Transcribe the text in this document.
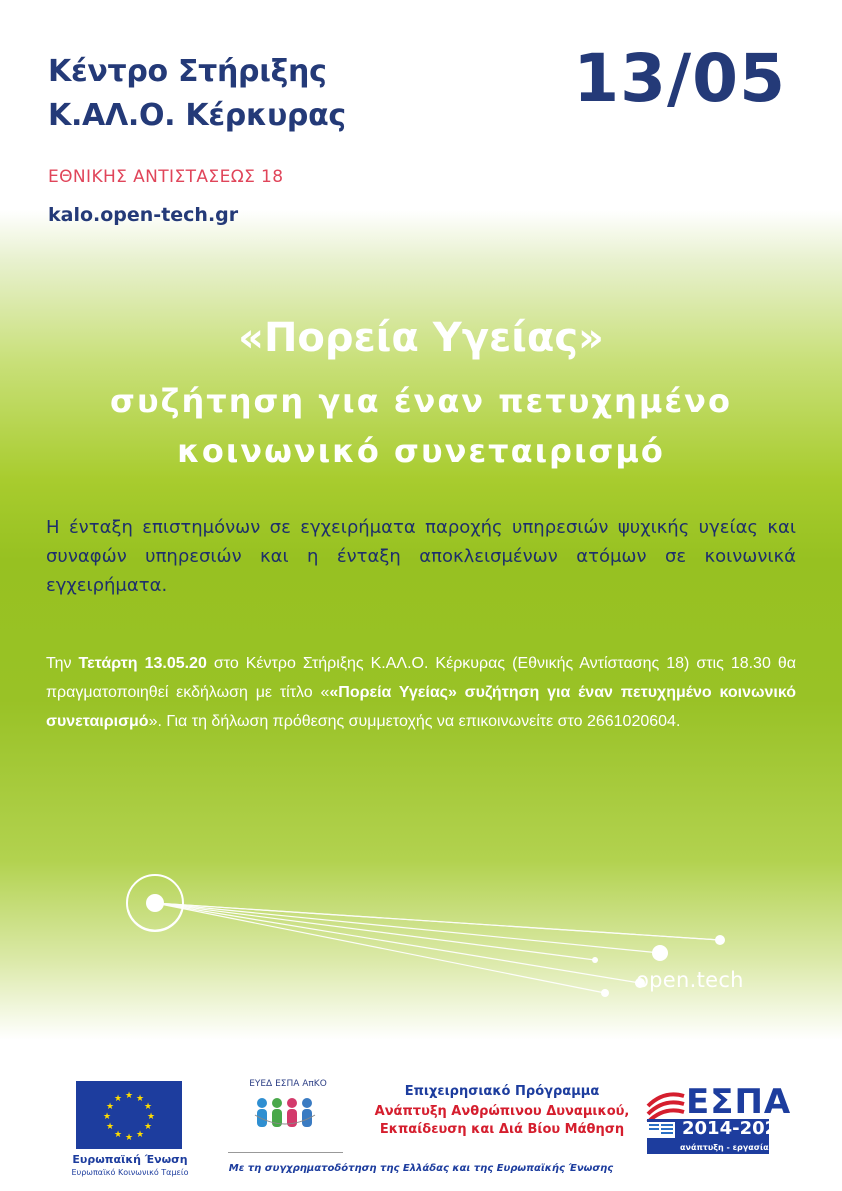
Κέντρο Στήριξης
Κ.ΑΛ.Ο. Κέρκυρας	13/05
ΕΘΝΙΚΗΣ ΑΝΤΙΣΤΑΣΕΩΣ 18
kalo.open-tech.gr
«Πορεία Υγείας»
συζήτηση για έναν πετυχημένο
κοινωνικό συνεταιρισμό

Η ένταξη επιστημόνων σε εγχειρήματα παροχής υπηρεσιών ψυχικής υγείας και συναφών υπηρεσιών και η ένταξη αποκλεισμένων ατόμων σε κοινωνικά εγχειρήματα.

Την Τετάρτη 13.05.20 στο Κέντρο Στήριξης Κ.ΑΛ.Ο. Κέρκυρας (Εθνικής Αντίστασης 18) στις 18.30 θα πραγματοποιηθεί εκδήλωση με τίτλο ««Πορεία Υγείας» συζήτηση για έναν πετυχημένο κοινωνικό συνεταιρισμό». Για τη δήλωση πρόθεσης συμμετοχής να επικοινωνείτε στο 2661020604.

open.tech
★ ★
★
★
★
★
★
★
★
★
★
★
Ευρωπαϊκή Ένωση
Ευρωπαϊκό Κοινωνικό Ταμείο
ΕΥΕΔ ΕΣΠΑ ΑπΚΟ	Επιχειρησιακό Πρόγραμμα
Ανάπτυξη Ανθρώπινου Δυναμικού,
Εκπαίδευση και Διά Βίου Μάθηση
ΕΣΠΑ
2014-2020
ανάπτυξη - εργασία - αλληλεγγύη
Με τη συγχρηματοδότηση της Ελλάδας και της Ευρωπαϊκής Ένωσης
